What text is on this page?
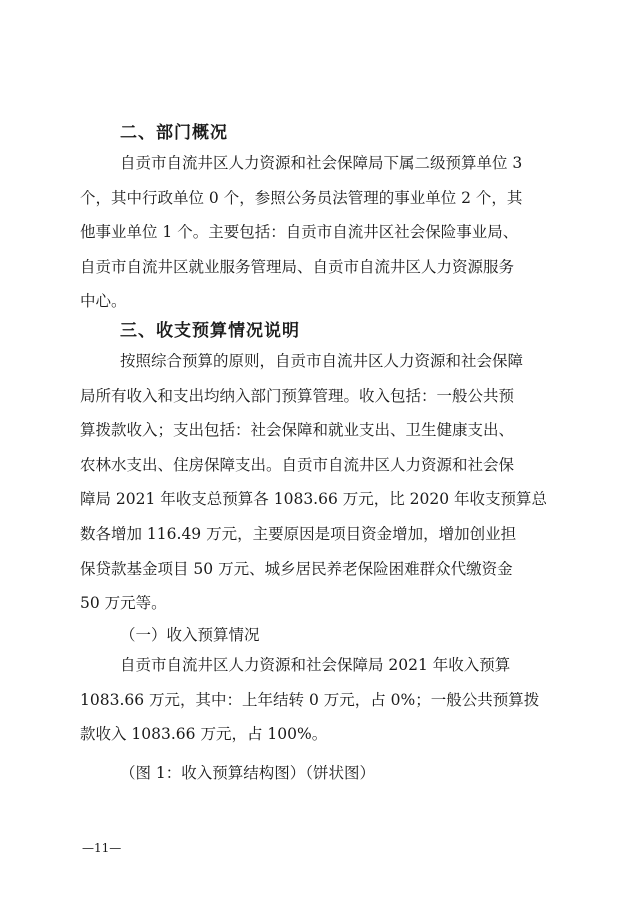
二、部门概况
自贡市自流井区人力资源和社会保障局下属二级预算单位 3
个，其中行政单位 0 个，参照公务员法管理的事业单位 2 个，其
他事业单位 1 个。主要包括：自贡市自流井区社会保险事业局、
自贡市自流井区就业服务管理局、自贡市自流井区人力资源服务
中心。
三、收支预算情况说明
按照综合预算的原则，自贡市自流井区人力资源和社会保障
局所有收入和支出均纳入部门预算管理。收入包括：一般公共预
算拨款收入；支出包括：社会保障和就业支出、卫生健康支出、
农林水支出、住房保障支出。自贡市自流井区人力资源和社会保
障局 2021 年收支总预算各 1083.66 万元，比 2020 年收支预算总
数各增加 116.49 万元，主要原因是项目资金增加，增加创业担
保贷款基金项目 50 万元、城乡居民养老保险困难群众代缴资金
50 万元等。
（一）收入预算情况
自贡市自流井区人力资源和社会保障局 2021 年收入预算
1083.66 万元，其中：上年结转 0 万元，占 0%；一般公共预算拨
款收入 1083.66 万元，占 100%。
（图 1：收入预算结构图）（饼状图）
—11—
